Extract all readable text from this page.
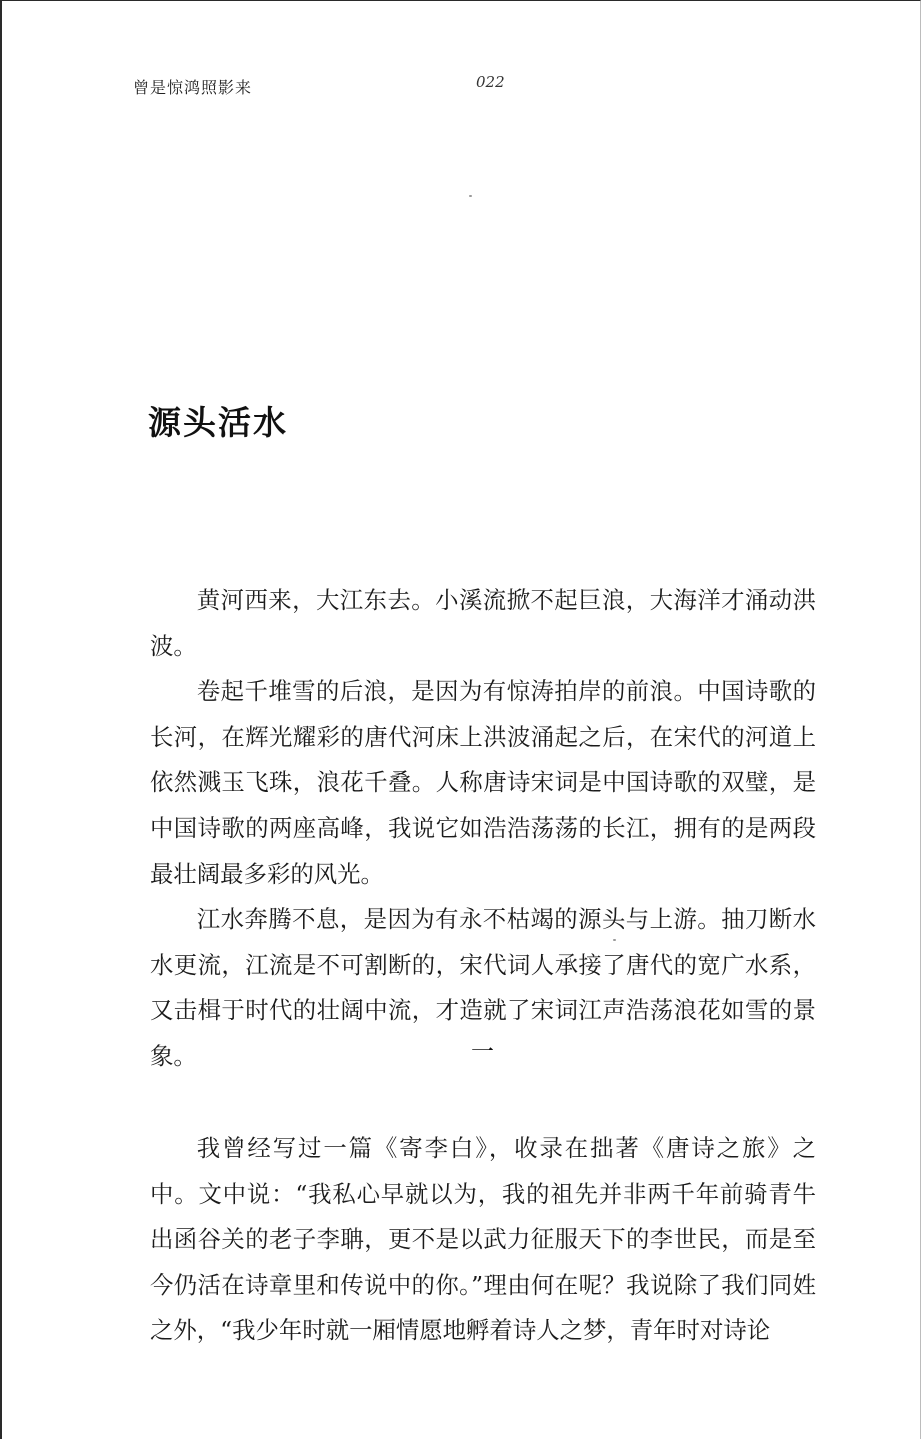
曾是惊鸿照影来	022
源头活水

黄河西来，大江东去。小溪流掀不起巨浪，大海洋才涌动洪波。

卷起千堆雪的后浪，是因为有惊涛拍岸的前浪。中国诗歌的长河，在辉光耀彩的唐代河床上洪波涌起之后，在宋代的河道上依然溅玉飞珠，浪花千叠。人称唐诗宋词是中国诗歌的双璧，是中国诗歌的两座高峰，我说它如浩浩荡荡的长江，拥有的是两段最壮阔最多彩的风光。

江水奔腾不息，是因为有永不枯竭的源头与上游。抽刀断水水更流，江流是不可割断的，宋代词人承接了唐代的宽广水系，又击楫于时代的壮阔中流，才造就了宋词江声浩荡浪花如雪的景象。	一

我曾经写过一篇《寄李白》，收录在拙著《唐诗之旅》之中。文中说：“我私心早就以为，我的祖先并非两千年前骑青牛出函谷关的老子李聃，更不是以武力征服天下的李世民，而是至今仍活在诗章里和传说中的你。”理由何在呢？我说除了我们同姓之外，“我少年时就一厢情愿地孵着诗人之梦，青年时对诗论
